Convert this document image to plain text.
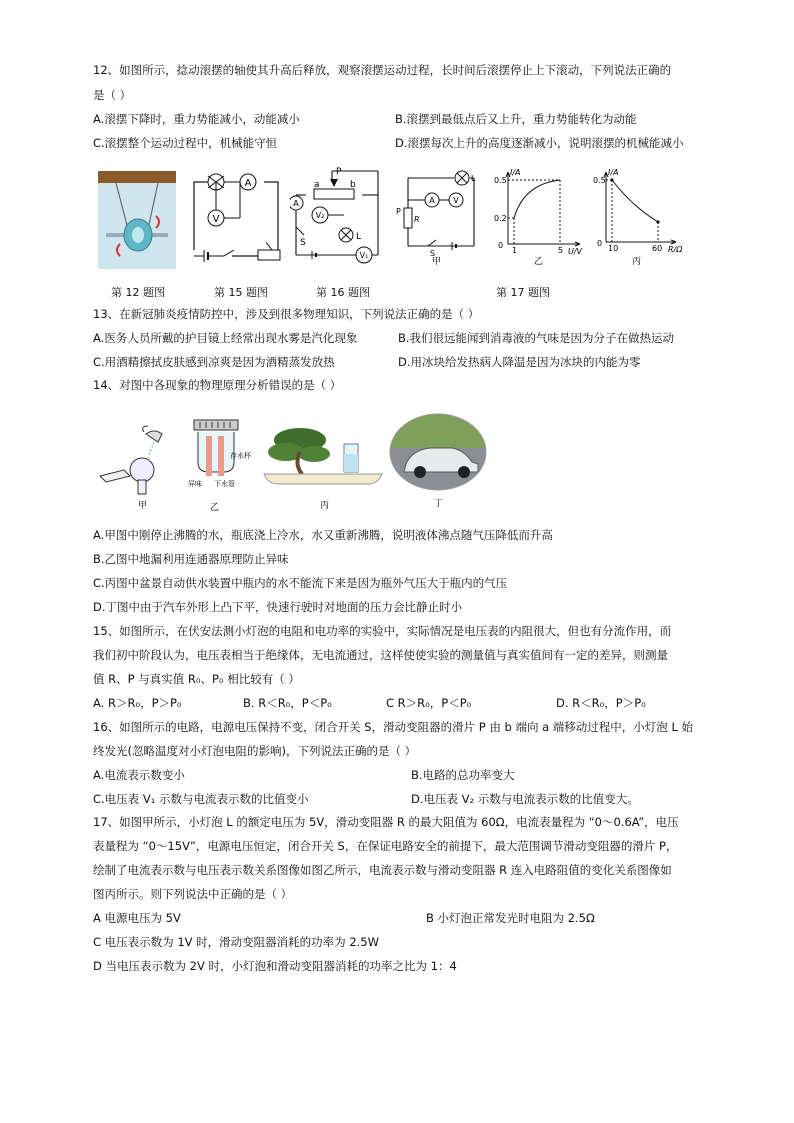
12、如图所示，捻动滚摆的轴使其升高后释放，观察滚摆运动过程，长时间后滚摆停止上下滚动，下列说法正确的
是（ ）
A.滚摆下降时，重力势能减小，动能减小	B.滚摆到最低点后又上升，重力势能转化为动能
C.滚摆整个运动过程中，机械能守恒	D.滚摆每次上升的高度逐渐减小，说明滚摆的机械能减小
A
V
P
a	b
A
V₂
L
S
V₁
L
A V
R
P
S
甲
I/A
0.5
0.2
0
1	5 U/V
乙
I/A
0.5
0
10	60 R/Ω
丙
第 12 题图	第 15 题图	第 16 题图	第 17 题图
13、在新冠肺炎疫情防控中，涉及到很多物理知识，下列说法正确的是（ ）
A.医务人员所戴的护目镜上经常出现水雾是汽化现象	B.我们很远能闻到消毒液的气味是因为分子在做热运动
C.用酒精擦拭皮肤感到凉爽是因为酒精蒸发放热	D.用冰块给发热病人降温是因为冰块的内能为零
14、对图中各现象的物理原理分析错误的是（ ）
甲
存水杯
异味 下水管
乙	丙	丁
A.甲图中刚停止沸腾的水，瓶底浇上冷水，水又重新沸腾，说明液体沸点随气压降低而升高
B.乙图中地漏利用连通器原理防止异味
C.丙图中盆景自动供水装置中瓶内的水不能流下来是因为瓶外气压大于瓶内的气压
D.丁图中由于汽车外形上凸下平，快速行驶时对地面的压力会比静止时小
15、如图所示，在伏安法测小灯泡的电阻和电功率的实验中，实际情况是电压表的内阻很大，但也有分流作用，而
我们初中阶段认为，电压表相当于绝缘体，无电流通过，这样使使实验的测量值与真实值间有一定的差异，则测量
值 R、P 与真实值 R₀、P₀ 相比较有（ ）
A. R＞R₀，P＞P₀	B. R＜R₀，P＜P₀	C R＞R₀，P＜P₀	D. R＜R₀，P＞P₀
16、如图所示的电路，电源电压保持不变，闭合开关 S，滑动变阻器的滑片 P 由 b 端向 a 端移动过程中，小灯泡 L 始
终发光(忽略温度对小灯泡电阻的影响)，下列说法正确的是（ ）
A.电流表示数变小	B.电路的总功率变大
C.电压表 V₁ 示数与电流表示数的比值变小	D.电压表 V₂ 示数与电流表示数的比值变大。
17、如图甲所示，小灯泡 L 的额定电压为 5V，滑动变阻器 R 的最大阻值为 60Ω，电流表量程为 “0～0.6A”，电压
表量程为 “0～15V”，电源电压恒定，闭合开关 S，在保证电路安全的前提下，最大范围调节滑动变阻器的滑片 P，
绘制了电流表示数与电压表示数关系图像如图乙所示，电流表示数与滑动变阻器 R 连入电路阻值的变化关系图像如
图丙所示。则下列说法中正确的是（ ）
A 电源电压为 5V	B 小灯泡正常发光时电阻为 2.5Ω
C 电压表示数为 1V 时，滑动变阻器消耗的功率为 2.5W
D 当电压表示数为 2V 时，小灯泡和滑动变阻器消耗的功率之比为 1：4
